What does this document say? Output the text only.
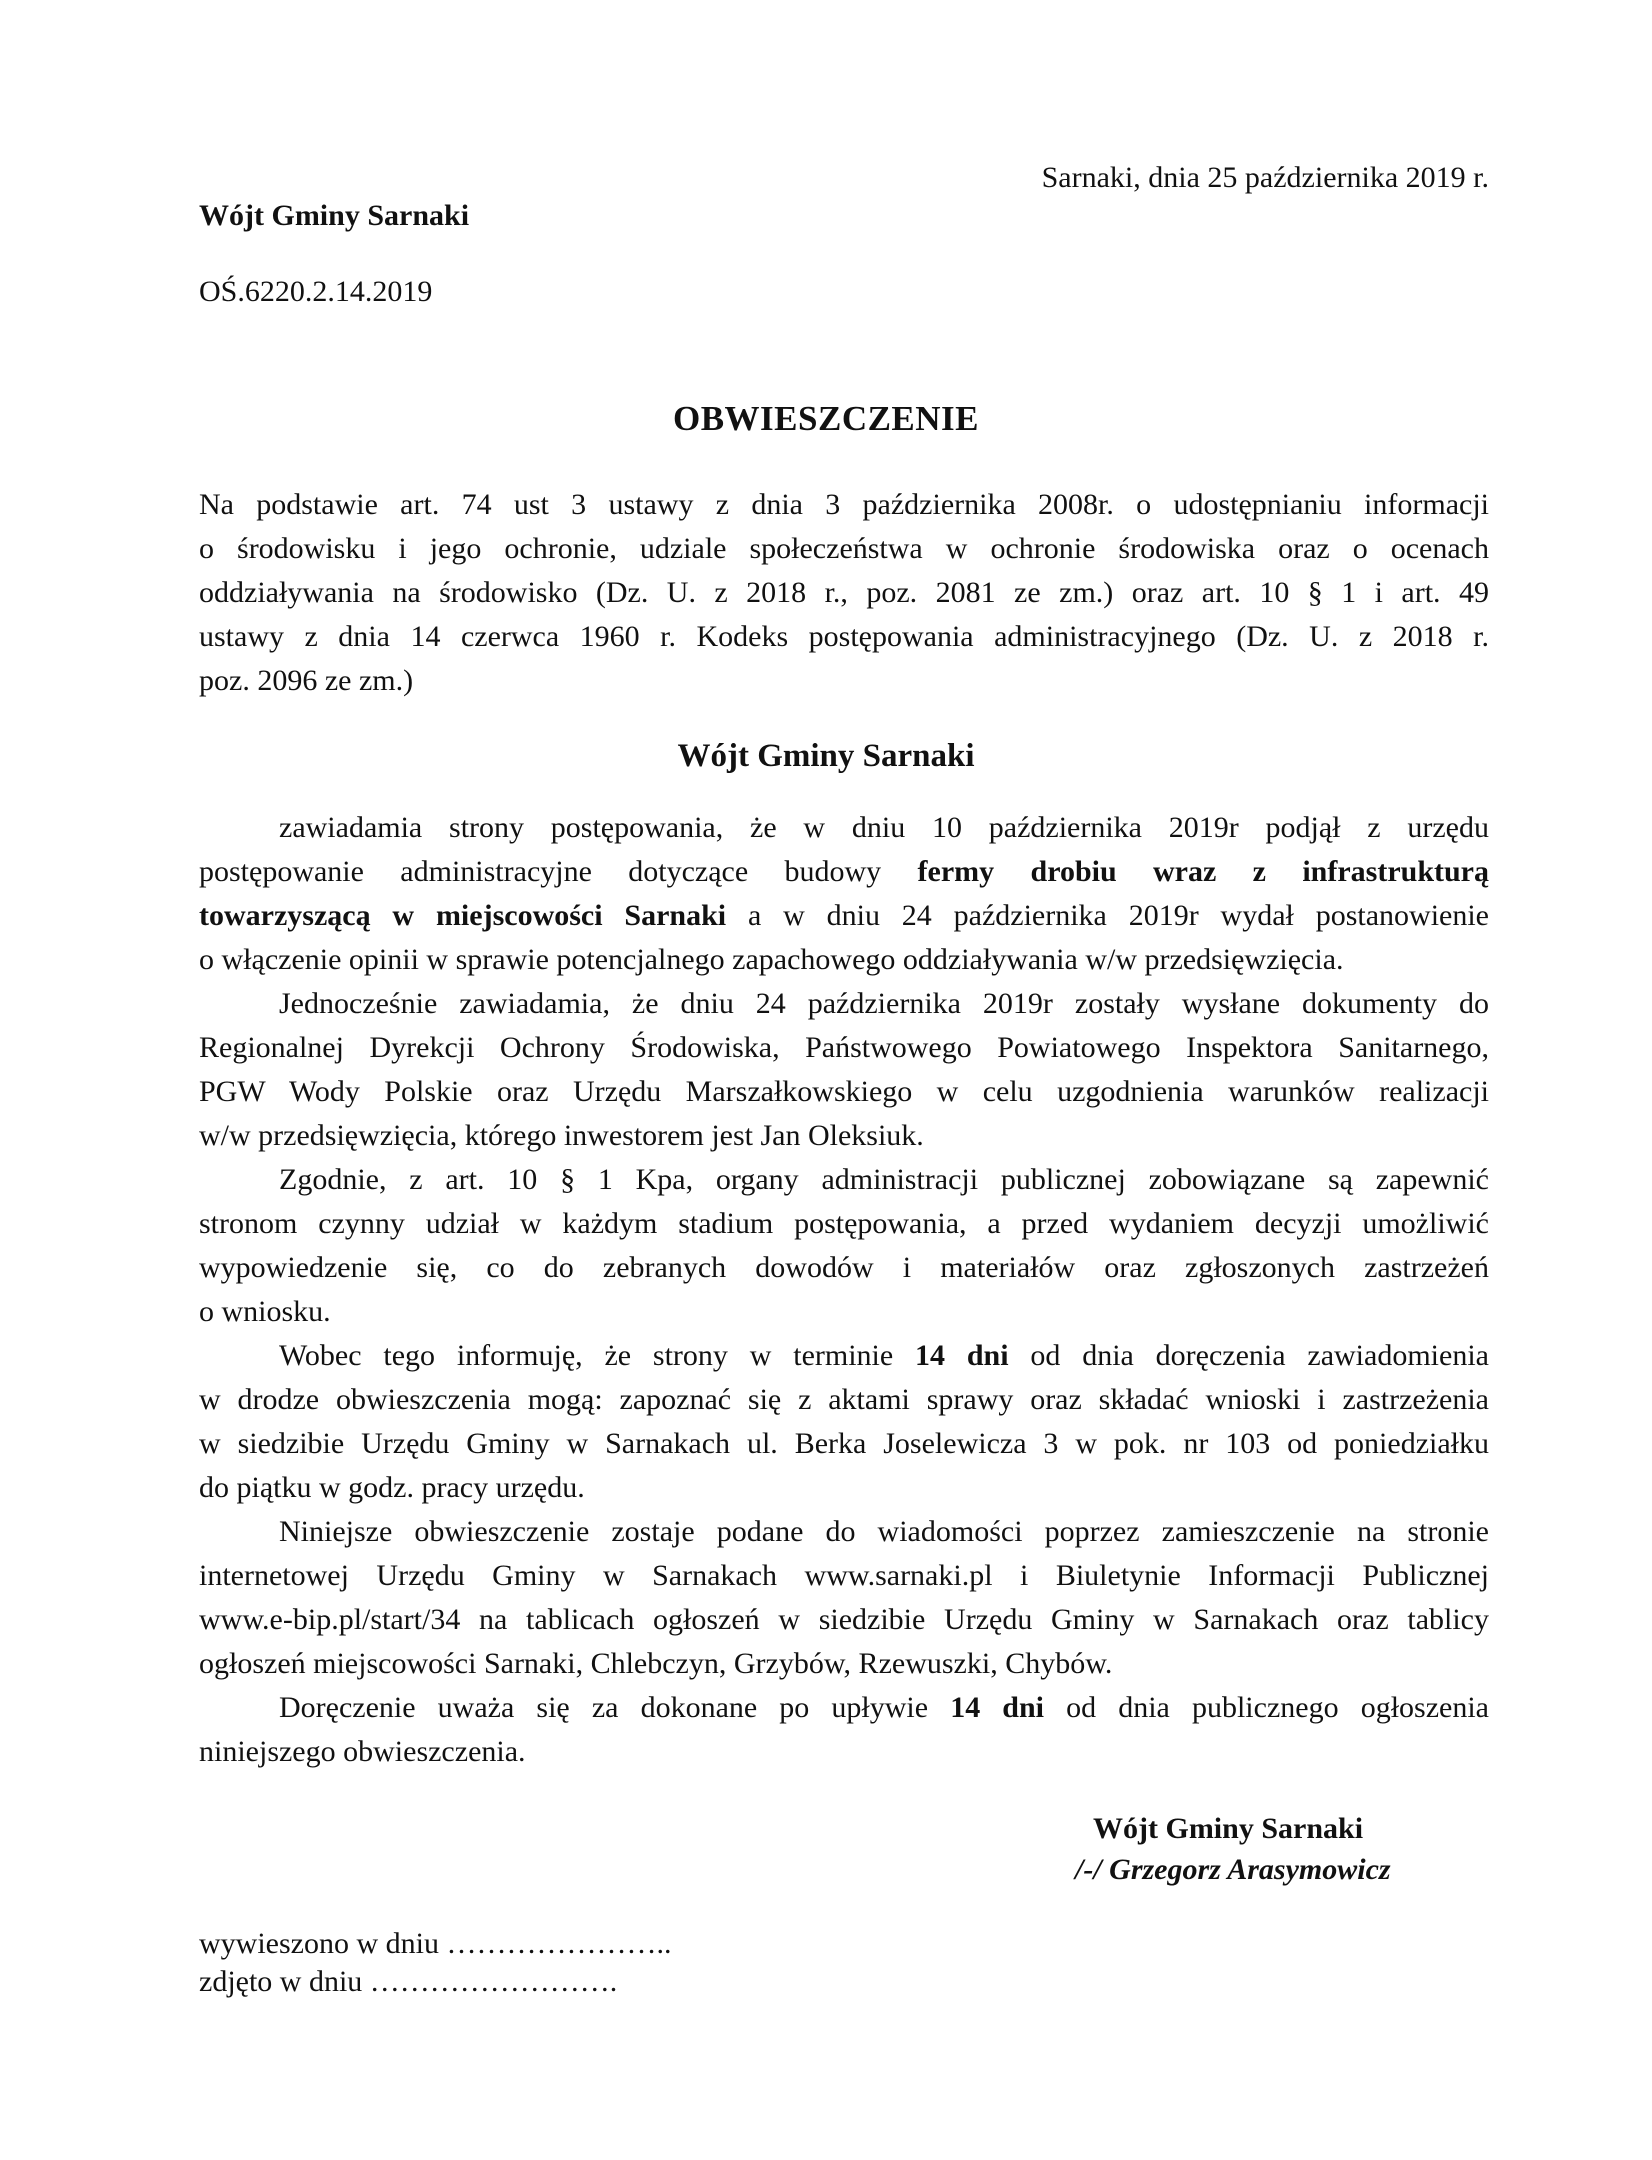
Sarnaki, dnia 25 października 2019 r.
Wójt Gminy Sarnaki
OŚ.6220.2.14.2019
OBWIESZCZENIE
Na podstawie art. 74 ust 3 ustawy z dnia 3 października 2008r. o udostępnianiu informacji
o środowisku i jego ochronie, udziale społeczeństwa w ochronie środowiska oraz o ocenach
oddziaływania na środowisko (Dz. U. z 2018 r., poz. 2081 ze zm.) oraz art. 10 § 1 i art. 49
ustawy z dnia 14 czerwca 1960 r. Kodeks postępowania administracyjnego (Dz. U. z 2018 r.
poz. 2096 ze zm.)
Wójt Gminy Sarnaki
zawiadamia strony postępowania, że w dniu 10 października 2019r podjął z urzędu
postępowanie administracyjne dotyczące budowy fermy drobiu wraz z infrastrukturą
towarzyszącą w miejscowości Sarnaki a w dniu 24 października 2019r wydał postanowienie
o włączenie opinii w sprawie potencjalnego zapachowego oddziaływania w/w przedsięwzięcia.
Jednocześnie zawiadamia, że dniu 24 października 2019r zostały wysłane dokumenty do
Regionalnej Dyrekcji Ochrony Środowiska, Państwowego Powiatowego Inspektora Sanitarnego,
PGW Wody Polskie oraz Urzędu Marszałkowskiego w celu uzgodnienia warunków realizacji
w/w przedsięwzięcia, którego inwestorem jest Jan Oleksiuk.
Zgodnie, z art. 10 § 1 Kpa, organy administracji publicznej zobowiązane są zapewnić
stronom czynny udział w każdym stadium postępowania, a przed wydaniem decyzji umożliwić
wypowiedzenie się, co do zebranych dowodów i materiałów oraz zgłoszonych zastrzeżeń
o wniosku.
Wobec tego informuję, że strony w terminie 14 dni od dnia doręczenia zawiadomienia
w drodze obwieszczenia mogą: zapoznać się z aktami sprawy oraz składać wnioski i zastrzeżenia
w siedzibie Urzędu Gminy w Sarnakach ul. Berka Joselewicza 3 w pok. nr 103 od poniedziałku
do piątku w godz. pracy urzędu.
Niniejsze obwieszczenie zostaje podane do wiadomości poprzez zamieszczenie na stronie
internetowej Urzędu Gminy w Sarnakach www.sarnaki.pl i Biuletynie Informacji Publicznej
www.e-bip.pl/start/34 na tablicach ogłoszeń w siedzibie Urzędu Gminy w Sarnakach oraz tablicy
ogłoszeń miejscowości Sarnaki, Chlebczyn, Grzybów, Rzewuszki, Chybów.
Doręczenie uważa się za dokonane po upływie 14 dni od dnia publicznego ogłoszenia
niniejszego obwieszczenia.
Wójt Gminy Sarnaki
/-/ Grzegorz Arasymowicz
wywieszono w dniu …………………..
zdjęto w dniu …………………….
